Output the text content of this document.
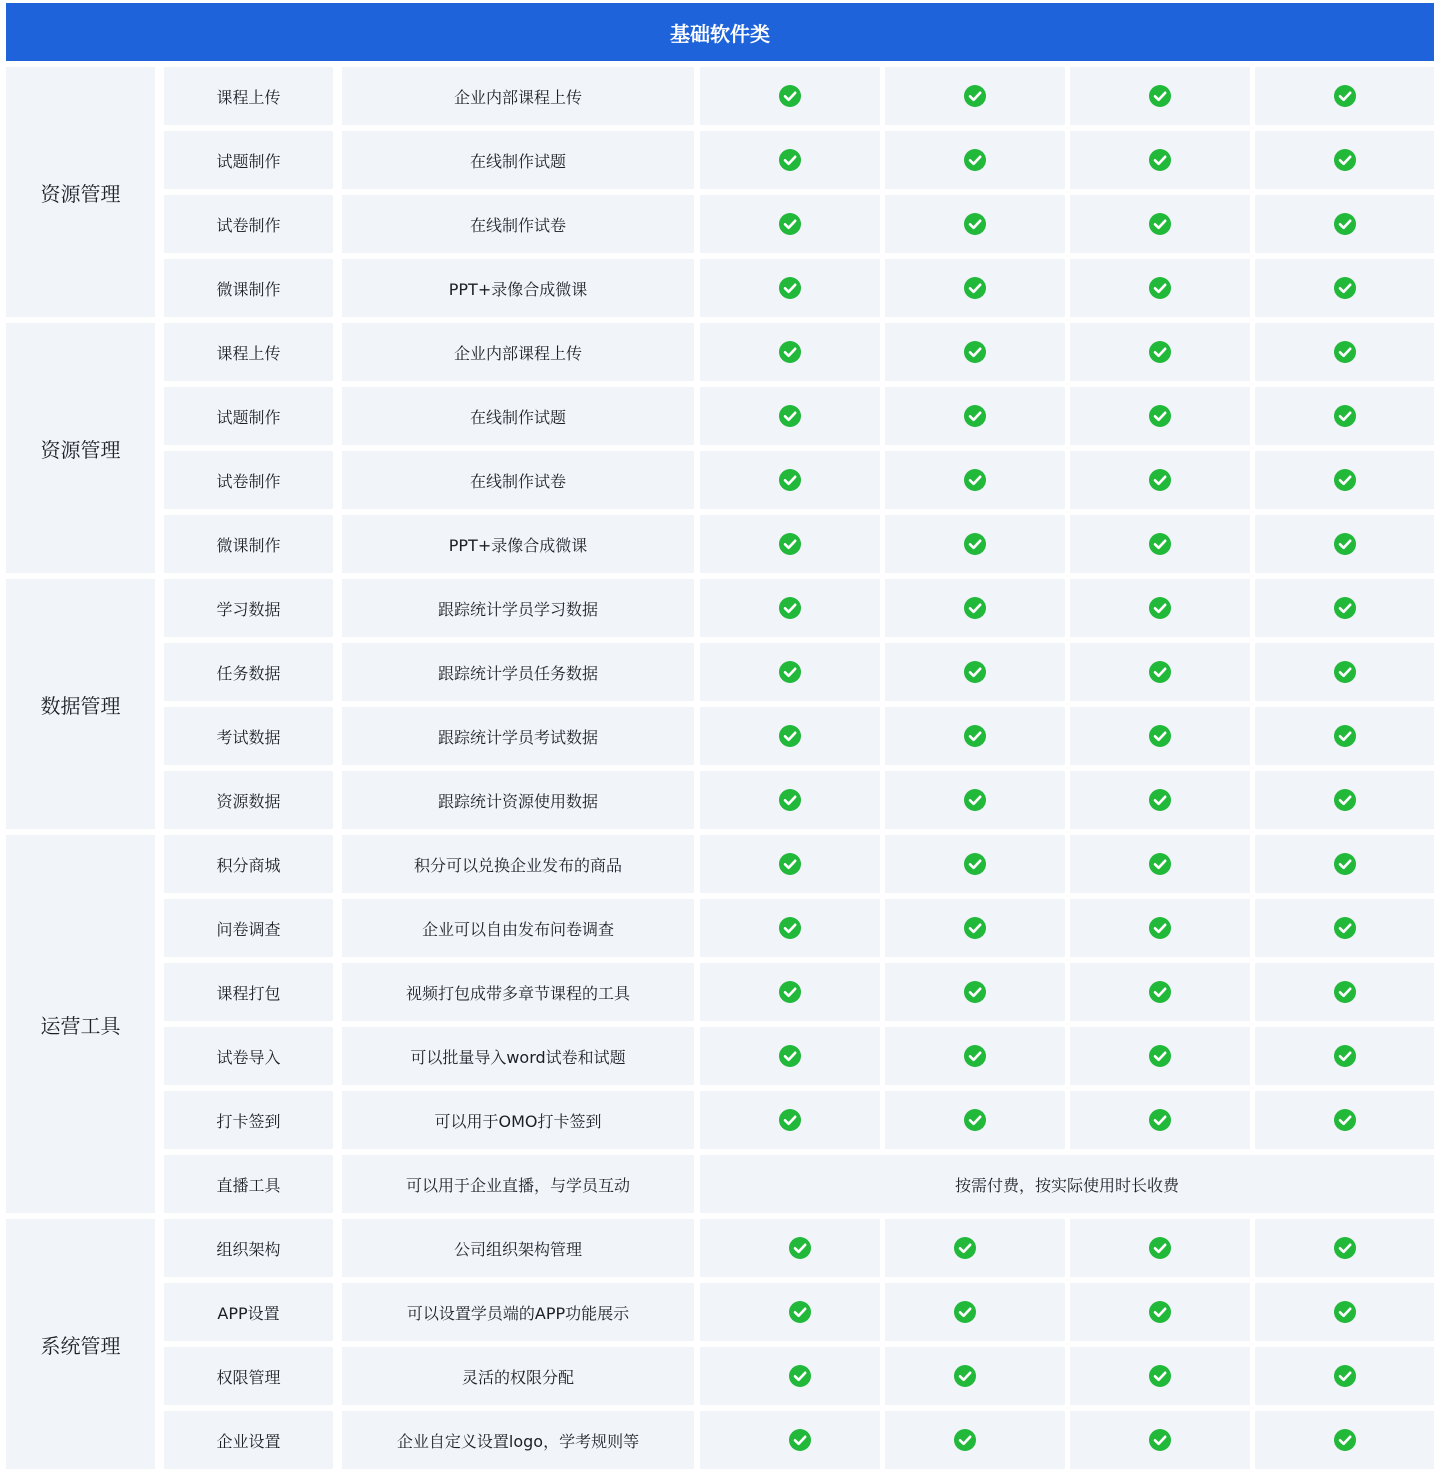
基础软件类
资源管理
课程上传	企业内部课程上传
试题制作	在线制作试题
试卷制作	在线制作试卷
微课制作	PPT+录像合成微课
资源管理
课程上传	企业内部课程上传
试题制作	在线制作试题
试卷制作	在线制作试卷
微课制作	PPT+录像合成微课
数据管理
学习数据	跟踪统计学员学习数据
任务数据	跟踪统计学员任务数据
考试数据	跟踪统计学员考试数据
资源数据	跟踪统计资源使用数据
运营工具
积分商城	积分可以兑换企业发布的商品
问卷调查	企业可以自由发布问卷调查
课程打包	视频打包成带多章节课程的工具
试卷导入	可以批量导入word试卷和试题
打卡签到	可以用于OMO打卡签到
直播工具	可以用于企业直播，与学员互动	按需付费，按实际使用时长收费
系统管理
组织架构	公司组织架构管理
APP设置	可以设置学员端的APP功能展示
权限管理	灵活的权限分配
企业设置	企业自定义设置logo，学考规则等
